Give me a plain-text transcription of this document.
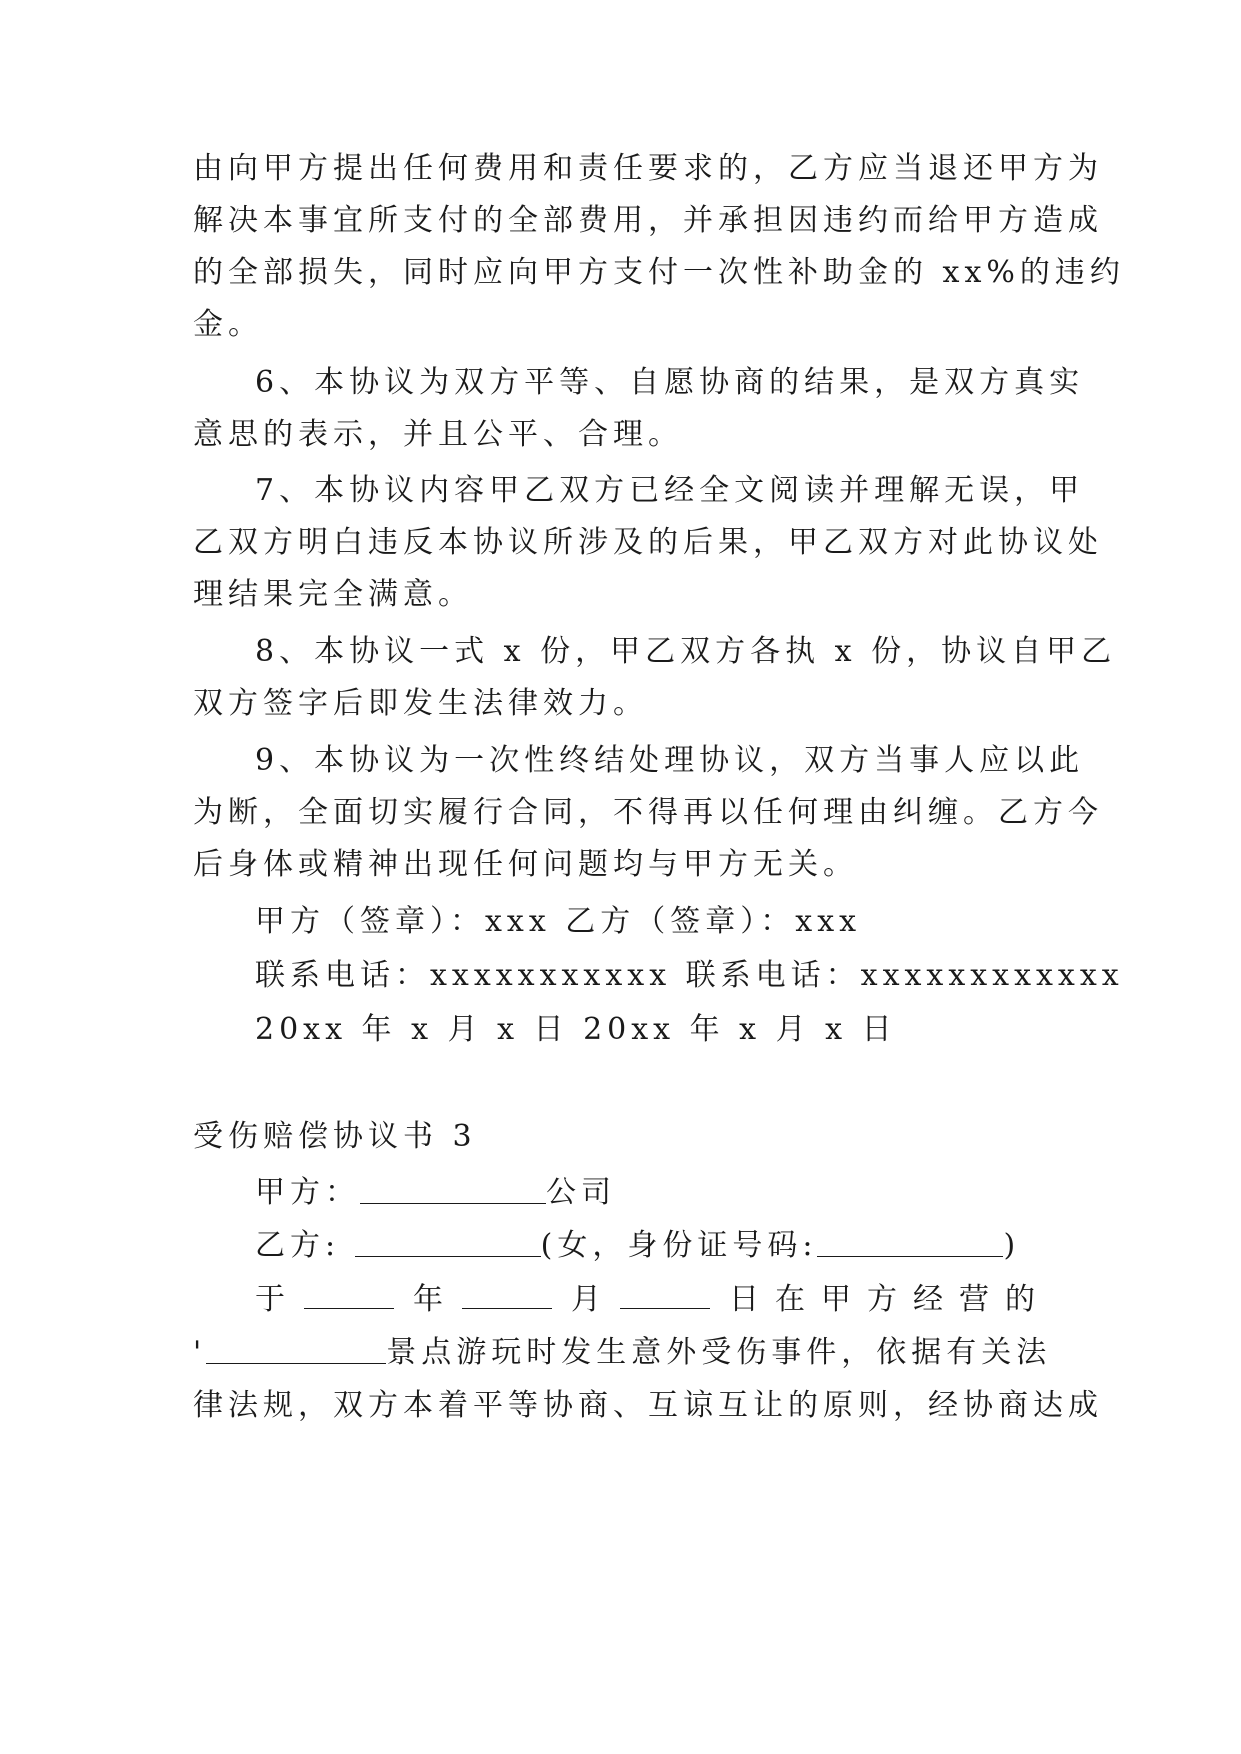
由向甲方提出任何费用和责任要求的，乙方应当退还甲方为
解决本事宜所支付的全部费用，并承担因违约而给甲方造成
的全部损失，同时应向甲方支付一次性补助金的 xx%的违约
金。
6、本协议为双方平等、自愿协商的结果，是双方真实
意思的表示，并且公平、合理。
7、本协议内容甲乙双方已经全文阅读并理解无误，甲
乙双方明白违反本协议所涉及的后果，甲乙双方对此协议处
理结果完全满意。
8、本协议一式 x 份，甲乙双方各执 x 份，协议自甲乙
双方签字后即发生法律效力。
9、本协议为一次性终结处理协议，双方当事人应以此
为断，全面切实履行合同，不得再以任何理由纠缠。乙方今
后身体或精神出现任何问题均与甲方无关。
甲方（签章）：xxx 乙方（签章）：xxx
联系电话：xxxxxxxxxxx 联系电话：xxxxxxxxxxxx
20xx 年 x 月 x 日 20xx 年 x 月 x 日
受伤赔偿协议书 3
甲方：	公司
乙方:	(女，身份证号码:	)
于	年	月	日在甲方经营的
'	景点游玩时发生意外受伤事件，依据有关法
律法规，双方本着平等协商、互谅互让的原则，经协商达成
